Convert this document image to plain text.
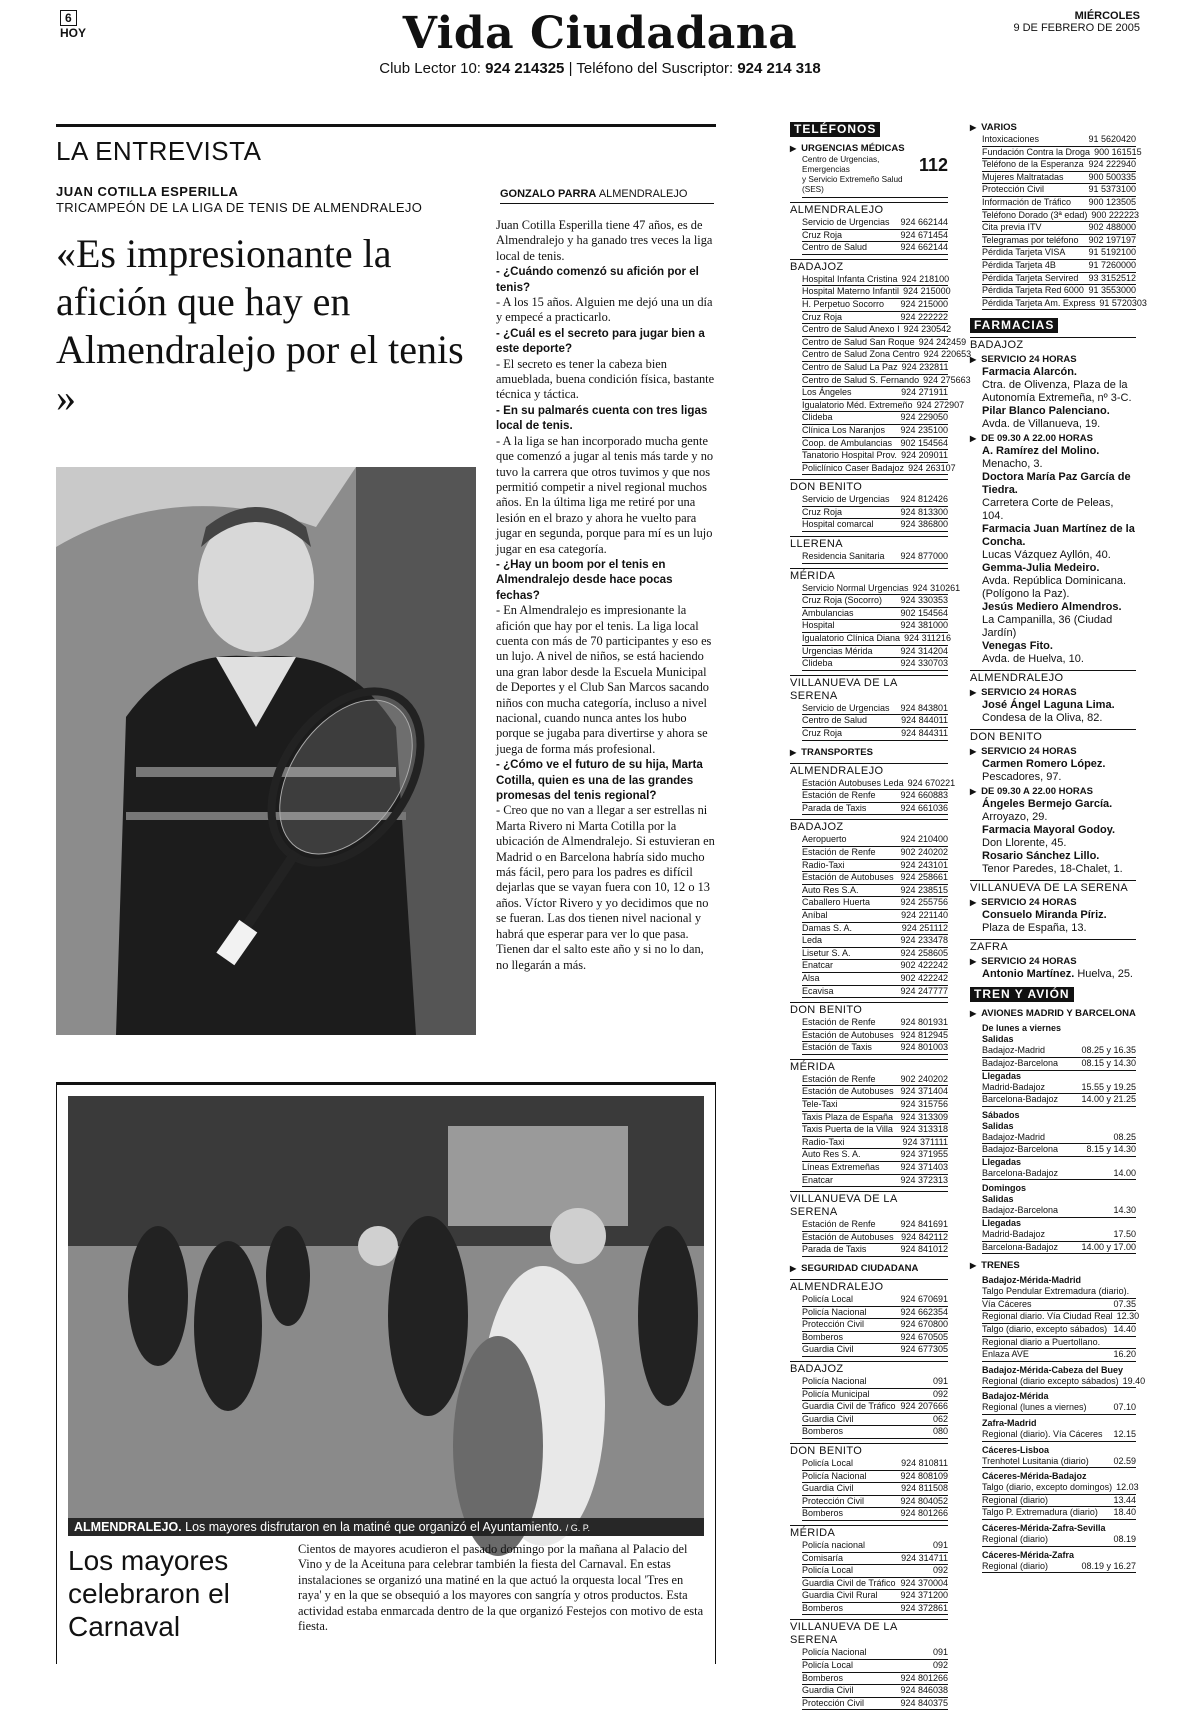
6
HOY	Vida Ciudadana
Club Lector 10: 924 214325 | Teléfono del Suscriptor: 924 214 318
MIÉRCOLES
9 DE FEBRERO DE 2005
LA ENTREVISTA
JUAN COTILLA ESPERILLA
TRICAMPEÓN DE LA LIGA DE TENIS DE ALMENDRALEJO
«Es impresionante la afición que hay en Almendralejo por el tenis »
GONZALO PARRA ALMENDRALEJO

Juan Cotilla Esperilla tiene 47 años, es de Almendralejo y ha ganado tres veces la liga local de tenis.

- ¿Cuándo comenzó su afición por el tenis?

- A los 15 años. Alguien me dejó una un día y empecé a practicarlo.

- ¿Cuál es el secreto para jugar bien a este deporte?

- El secreto es tener la cabeza bien amueblada, buena condición física, bastante técnica y táctica.

- En su palmarés cuenta con tres ligas local de tenis.

- A la liga se han incorporado mucha gente que comenzó a jugar al tenis más tarde y no tuvo la carrera que otros tuvimos y que nos permitió competir a nivel regional muchos años. En la última liga me retiré por una lesión en el brazo y ahora he vuelto para jugar en segunda, porque para mí es un lujo jugar en esa categoría.

- ¿Hay un boom por el tenis en Almendralejo desde hace pocas fechas?

- En Almendralejo es impresionante la afición que hay por el tenis. La liga local cuenta con más de 70 participantes y eso es un lujo. A nivel de niños, se está haciendo una gran labor desde la Escuela Municipal de Deportes y el Club San Marcos sacando niños con mucha categoría, incluso a nivel nacional, cuando nunca antes los hubo porque se jugaba para divertirse y ahora se juega de forma más profesional.

- ¿Cómo ve el futuro de su hija, Marta Cotilla, quien es una de las grandes promesas del tenis regional?

- Creo que no van a llegar a ser estrellas ni Marta Rivero ni Marta Cotilla por la ubicación de Almendralejo. Si estuvieran en Madrid o en Barcelona habría sido mucho más fácil, pero para los padres es difícil dejarlas que se vayan fuera con 10, 12 o 13 años. Víctor Rivero y yo decidimos que no se fueran. Las dos tienen nivel nacional y habrá que esperar para ver lo que pasa. Tienen dar el salto este año y si no lo dan, no llegarán a más.

ALMENDRALEJO. Los mayores disfrutaron en la matiné que organizó el Ayuntamiento. / G. P.
Los mayores celebraron el Carnaval
Cientos de mayores acudieron el pasado domingo por la mañana al Palacio del Vino y de la Aceituna para celebrar también la fiesta del Carnaval. En estas instalaciones se organizó una matiné en la que actuó la orquesta local 'Tres en raya' y en la que se obsequió a los mayores con sangría y otros productos. Esta actividad estaba enmarcada dentro de la que organizó Festejos con motivo de esta fiesta.
TELÉFONOS
▶ URGENCIAS MÉDICAS
Centro de Urgencias, Emergencias
y Servicio Extremeño Salud (SES)
112
ALMENDRALEJO
Servicio de Urgencias	924 662144
Cruz Roja	924 671454
Centro de Salud	924 662144
BADAJOZ
Hospital Infanta Cristina 924 218100
Hospital Materno Infantil 924 215000
H. Perpetuo Socorro	924 215000
Cruz Roja	924 222222
Centro de Salud Anexo I 924 230542
Centro de Salud San Roque 924 242459
Centro de Salud Zona Centro 924 220653
Centro de Salud La Paz 924 232811
Centro de Salud S. Fernando 924 275663
Los Ángeles	924 271911
Igualatorio Méd. Extremeño 924 272907
Clideba	924 229050
Clínica Los Naranjos	924 235100
Coop. de Ambulancias 902 154564
Tanatorio Hospital Prov. 924 209011
Policlínico Caser Badajoz 924 263107
DON BENITO
Servicio de Urgencias	924 812426
Cruz Roja	924 813300
Hospital comarcal	924 386800
LLERENA
Residencia Sanitaria	924 877000
MÉRIDA
Servicio Normal Urgencias 924 310261
Cruz Roja (Socorro)	924 330353
Ambulancias	902 154564
Hospital	924 381000
Igualatorio Clínica Diana 924 311216
Urgencias Mérida	924 314204
Clideba	924 330703
VILLANUEVA DE LA SERENA
Servicio de Urgencias	924 843801
Centro de Salud	924 844011
Cruz Roja	924 844311
▶ TRANSPORTES
ALMENDRALEJO
Estación Autobuses Leda 924 670221
Estación de Renfe	924 660883
Parada de Taxis	924 661036
BADAJOZ
Aeropuerto	924 210400
Estación de Renfe	902 240202
Radio-Taxi	924 243101
Estación de Autobuses 924 258661
Auto Res S.A.	924 238515
Caballero Huerta	924 255756
Aníbal	924 221140
Damas S. A.	924 251112
Leda	924 233478
Lisetur S. A.	924 258605
Enatcar	902 422242
Alsa	902 422242
Ecavisa	924 247777
DON BENITO
Estación de Renfe	924 801931
Estación de Autobuses 924 812945
Estación de Taxis	924 801003
MÉRIDA
Estación de Renfe	902 240202
Estación de Autobuses 924 371404
Tele-Taxi	924 315756
Taxis Plaza de España 924 313309
Taxis Puerta de la Villa 924 313318
Radio-Taxi	924 371111
Auto Res S. A.	924 371955
Líneas Extremeñas	924 371403
Enatcar	924 372313
VILLANUEVA DE LA SERENA
Estación de Renfe	924 841691
Estación de Autobuses 924 842112
Parada de Taxis	924 841012
▶ SEGURIDAD CIUDADANA
ALMENDRALEJO
Policía Local	924 670691
Policía Nacional	924 662354
Protección Civil	924 670800
Bomberos	924 670505
Guardia Civil	924 677305
BADAJOZ
Policía Nacional	091
Policía Municipal	092
Guardia Civil de Tráfico 924 207666
Guardia Civil	062
Bomberos	080
DON BENITO
Policía Local	924 810811
Policía Nacional	924 808109
Guardia Civil	924 811508
Protección Civil	924 804052
Bomberos	924 801266
MÉRIDA
Policía nacional	091
Comisaría	924 314711
Policía Local	092
Guardia Civil de Tráfico 924 370004
Guardia Civil Rural	924 371200
Bomberos	924 372861
VILLANUEVA DE LA SERENA
Policía Nacional	091
Policía Local	092
Bomberos	924 801266
Guardia Civil	924 846038
Protección Civil	924 840375
▶ VARIOS
Intoxicaciones	91 5620420
Fundación Contra la Droga 900 161515
Teléfono de la Esperanza 924 222940
Mujeres Maltratadas	900 500335
Protección Civil	91 5373100
Información de Tráfico	900 123505
Teléfono Dorado (3ª edad) 900 222223
Cita previa ITV	902 488000
Telegramas por teléfono	902 197197
Pérdida Tarjeta VISA	91 5192100
Pérdida Tarjeta 4B	91 7260000
Pérdida Tarjeta Servired	93 3152512
Pérdida Tarjeta Red 6000 91 3553000
Pérdida Tarjeta Am. Express 91 5720303
FARMACIAS
BADAJOZ
▶ SERVICIO 24 HORAS
Farmacia Alarcón.
Ctra. de Olivenza, Plaza de la Autonomía Extremeña, nº 3-C.
Pilar Blanco Palenciano.
Avda. de Villanueva, 19.
▶ DE 09.30 A 22.00 HORAS
A. Ramírez del Molino.
Menacho, 3.
Doctora María Paz García de Tiedra.
Carretera Corte de Peleas, 104.
Farmacia Juan Martínez de la Concha.
Lucas Vázquez Ayllón, 40.
Gemma-Julia Medeiro.
Avda. República Dominicana. (Polígono la Paz).
Jesús Mediero Almendros.
La Campanilla, 36 (Ciudad Jardín)
Venegas Fito.
Avda. de Huelva, 10.
ALMENDRALEJO
▶ SERVICIO 24 HORAS
José Ángel Laguna Lima.
Condesa de la Oliva, 82.
DON BENITO
▶ SERVICIO 24 HORAS
Carmen Romero López.
Pescadores, 97.
▶ DE 09.30 A 22.00 HORAS
Ángeles Bermejo García.
Arroyazo, 29.
Farmacia Mayoral Godoy.
Don Llorente, 45.
Rosario Sánchez Lillo.
Tenor Paredes, 18-Chalet, 1.
VILLANUEVA DE LA SERENA
▶ SERVICIO 24 HORAS
Consuelo Miranda Píriz.
Plaza de España, 13.
ZAFRA
▶ SERVICIO 24 HORAS
Antonio Martínez. Huelva, 25.
TREN Y AVIÓN
▶ AVIONES MADRID Y BARCELONA
De lunes a viernes
Salidas
Badajoz-Madrid	08.25 y 16.35
Badajoz-Barcelona	08.15 y 14.30
Llegadas
Madrid-Badajoz	15.55 y 19.25
Barcelona-Badajoz	14.00 y 21.25
Sábados
Salidas
Badajoz-Madrid	08.25
Badajoz-Barcelona	8.15 y 14.30
Llegadas
Barcelona-Badajoz	14.00
Domingos
Salidas
Badajoz-Barcelona	14.30
Llegadas
Madrid-Badajoz	17.50
Barcelona-Badajoz	14.00 y 17.00
▶ TRENES
Badajoz-Mérida-Madrid
Talgo Pendular Extremadura (diario).
Vía Cáceres	07.35
Regional diario. Vía Ciudad Real 12.30
Talgo (diario, excepto sábados) 14.40
Regional diario a Puertollano.
Enlaza AVE	16.20
Badajoz-Mérida-Cabeza del Buey
Regional (diario excepto sábados) 19.40
Badajoz-Mérida
Regional (lunes a viernes)	07.10
Zafra-Madrid
Regional (diario). Vía Cáceres	12.15
Cáceres-Lisboa
Trenhotel Lusitania (diario)	02.59
Cáceres-Mérida-Badajoz
Talgo (diario, excepto domingos) 12.03
Regional (diario)	13.44
Talgo P. Extremadura (diario)	18.40
Cáceres-Mérida-Zafra-Sevilla
Regional (diario)	08.19
Cáceres-Mérida-Zafra
Regional (diario)	08.19 y 16.27
